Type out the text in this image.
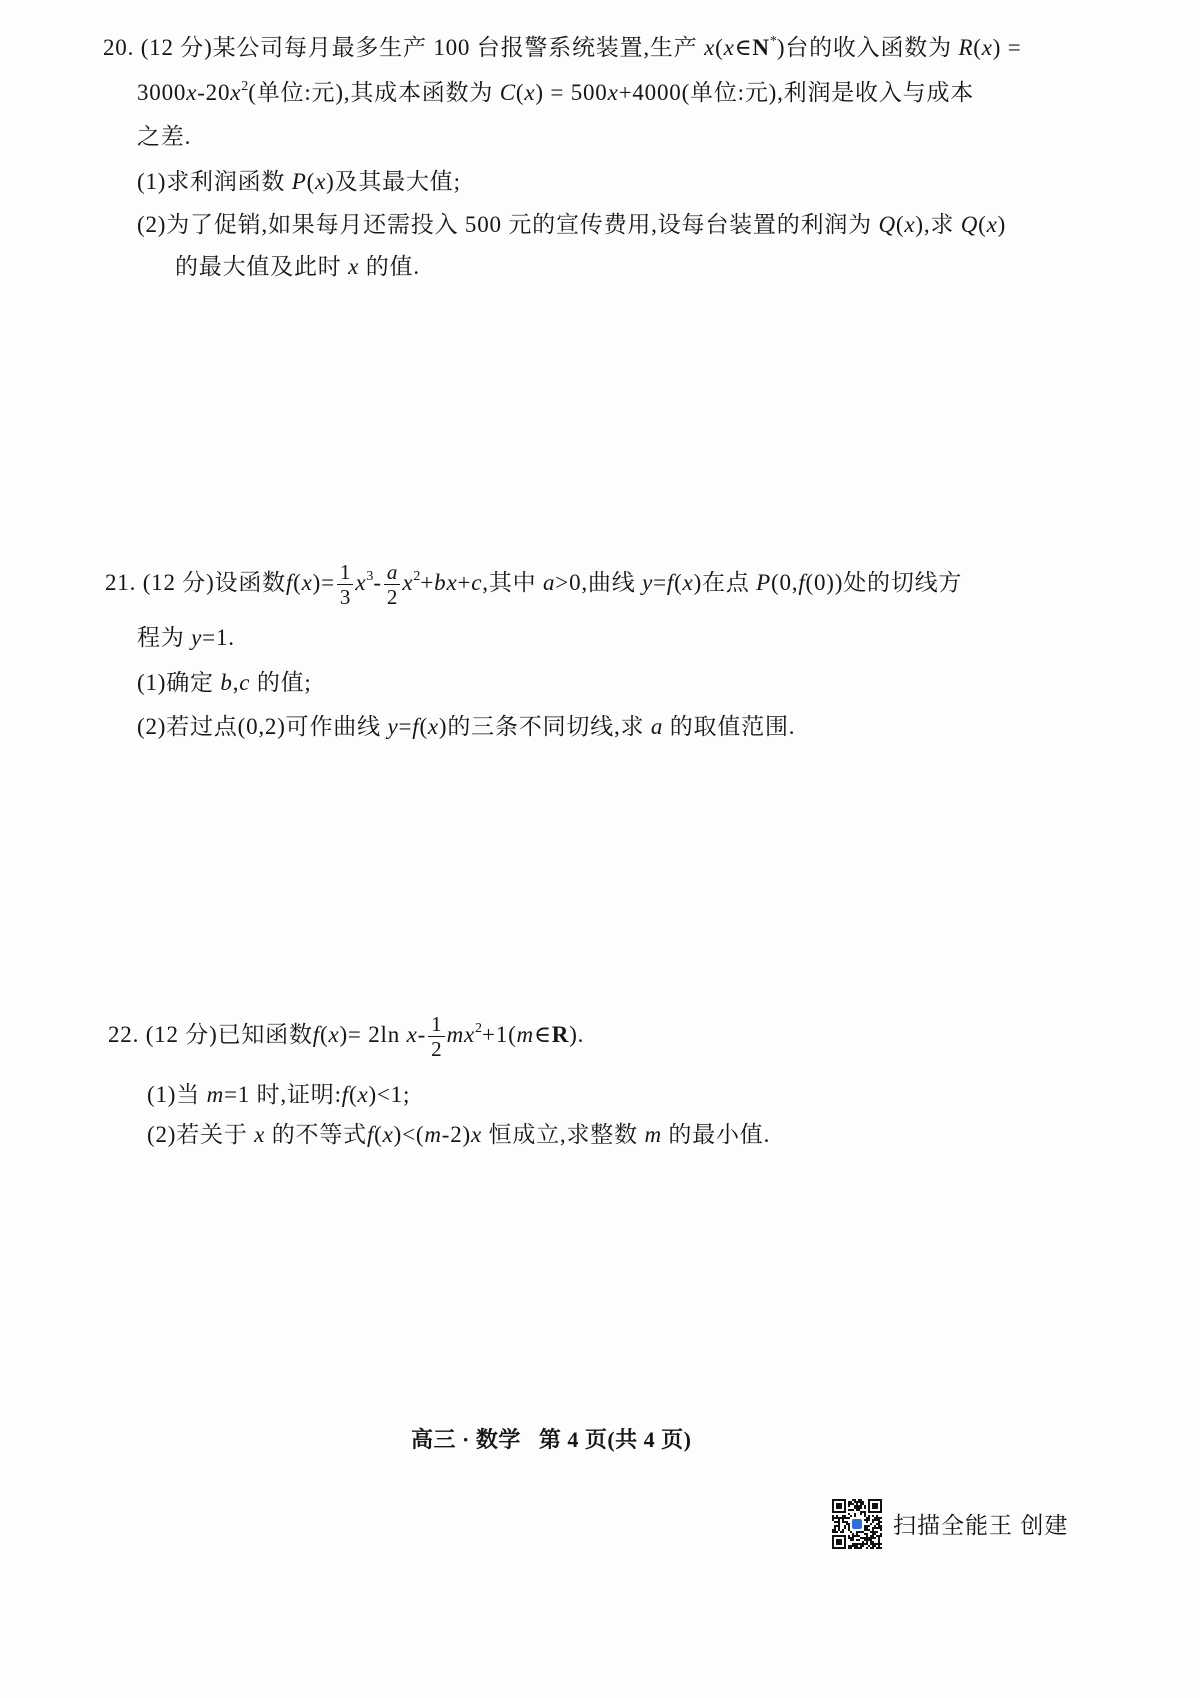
20. (12 分)某公司每月最多生产 100 台报警系统装置,生产 x(x∈N*)台的收入函数为 R(x) =
$3000x-20x^2$(单位:元),其成本函数为 C(x) = 500x+4000(单位:元),利润是收入与成本
之差.
(1)求利润函数 P(x)及其最大值;
(2)为了促销,如果每月还需投入 500 元的宣传费用,设每台装置的利润为 Q(x),求 Q(x)
的最大值及此时 x 的值.
21. (12 分)设函数$f(x)= \frac{1}{3} x^3- \frac{a}{2} x^2+bx+c$,其中 a>0,曲线 y=f(x)在点 P(0,f(0))处的切线方
程为 y=1.
(1)确定 b,c 的值;
(2)若过点(0,2)可作曲线 y=f(x)的三条不同切线,求 a 的取值范围.
22. (12 分)已知函数f(x)= 2ln $x- \frac{1}{2}$ $mx^2+1(m\in R)$.
(1)当 m=1 时,证明:f(x)<1;
(2)若关于 x 的不等式f(x)<(m-2)x 恒成立,求整数 m 的最小值.
高三 · 数学 第 4 页(共 4 页)
扫描全能王 创建
